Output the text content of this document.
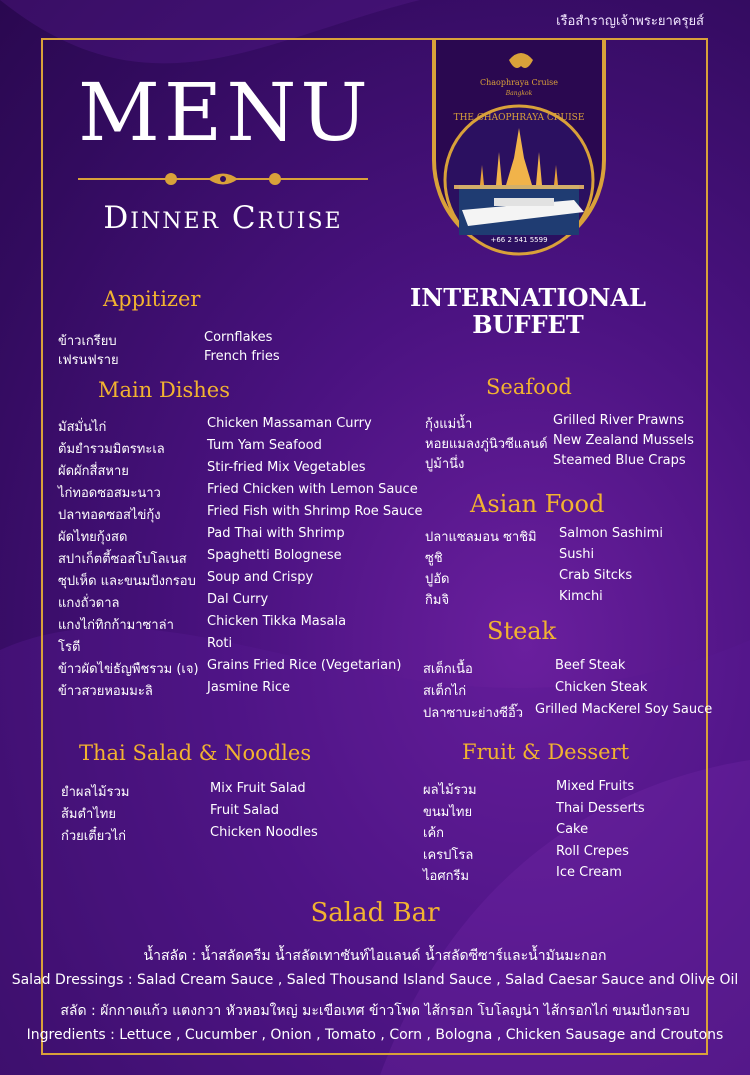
เรือสำราญเจ้าพระยาครุยส์
MENU
Dinner Cruise
Chaophraya Cruise
Bangkok
THE CHAOPHRAYA CRUISE
+66 2 541 5599
INTERNATIONAL
BUFFET
Appitizer
ข้าวเกรียบ	Cornflakes
เฟรนฟราย	French fries
Main Dishes
มัสมั่นไก่	Chicken Massaman Curry
ต้มยำรวมมิตรทะเล	Tum Yam Seafood
ผัดผักสี่สหาย	Stir-fried Mix Vegetables
ไก่ทอดซอสมะนาว	Fried Chicken with Lemon Sauce
ปลาทอดซอสไข่กุ้ง	Fried Fish with Shrimp Roe Sauce
ผัดไทยกุ้งสด	Pad Thai with Shrimp
สปาเก็ตตี้ซอสโบโลเนส Spaghetti Bolognese
ซุปเห็ด และขนมปังกรอบ Soup and Crispy
แกงถั่วดาล	Dal Curry
แกงไก่ทิกก้ามาซาล่า	Chicken Tikka Masala
โรตี	Roti
ข้าวผัดไข่ธัญพืชรวม (เจ) Grains Fried Rice (Vegetarian)
ข้าวสวยหอมมะลิ	Jasmine Rice
Thai Salad & Noodles
ยำผลไม้รวม	Mix Fruit Salad
ส้มตำไทย	Fruit Salad
ก๋วยเตี๋ยวไก่	Chicken Noodles
Seafood
กุ้งแม่น้ำ	Grilled River Prawns
หอยแมลงภู่นิวซีแลนด์ New Zealand Mussels
ปูม้านึ่ง	Steamed Blue Craps
Asian Food
ปลาแซลมอน ซาชิมิ Salmon Sashimi
ซูชิ	Sushi
ปูอัด	Crab Sitcks
กิมจิ	Kimchi
Steak
สเต็กเนื้อ	Beef Steak
สเต็กไก่	Chicken Steak
ปลาซาบะย่างซีอิ๊ว Grilled MacKerel Soy Sauce
Fruit & Dessert
ผลไม้รวม	Mixed Fruits
ขนมไทย	Thai Desserts
เค้ก	Cake
เครปโรล	Roll Crepes
ไอศกรีม	Ice Cream
Salad Bar
น้ำสลัด : น้ำสลัดครีม น้ำสลัดเทาซันท์ไอแลนด์ น้ำสลัดซีซาร์และน้ำมันมะกอก
Salad Dressings : Salad Cream Sauce , Saled Thousand Island Sauce , Salad Caesar Sauce and Olive Oil
สลัด : ผักกาดแก้ว แตงกวา หัวหอมใหญ่ มะเขือเทศ ข้าวโพด ไส้กรอก โบโลญน่า ไส้กรอกไก่ ขนมปังกรอบ
Ingredients : Lettuce , Cucumber , Onion , Tomato , Corn , Bologna , Chicken Sausage and Croutons
